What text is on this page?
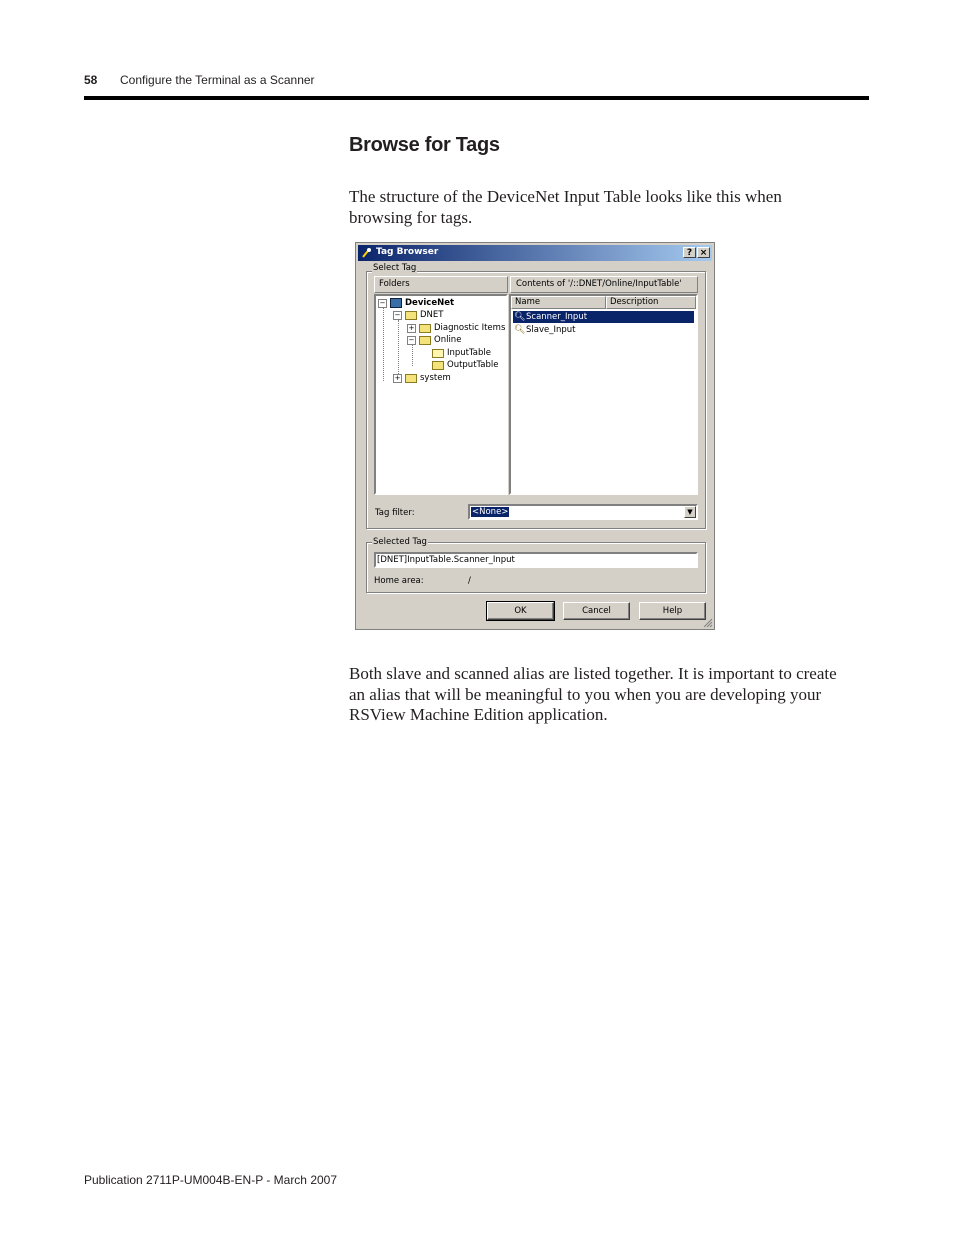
58 Configure the Terminal as a Scanner
Browse for Tags

The structure of the DeviceNet Input Table looks like this when browsing for tags.

Tag Browser	? ×
Select Tag
Folders	Contents of '/::DNET/Online/InputTable'
− DeviceNet
− DNET
+ Diagnostic Items
− Online
InputTable
OutputTable
+ system
Name	Description
🔍︎ Scanner_Input
🔍︎ Slave_Input
Tag filter:	<None>	▼
Selected Tag
[DNET]InputTable.Scanner_Input
Home area:	/
OK	Cancel	Help

Both slave and scanned alias are listed together. It is important to create an alias that will be meaningful to you when you are developing your RSView Machine Edition application.

Publication 2711P-UM004B-EN-P - March 2007
